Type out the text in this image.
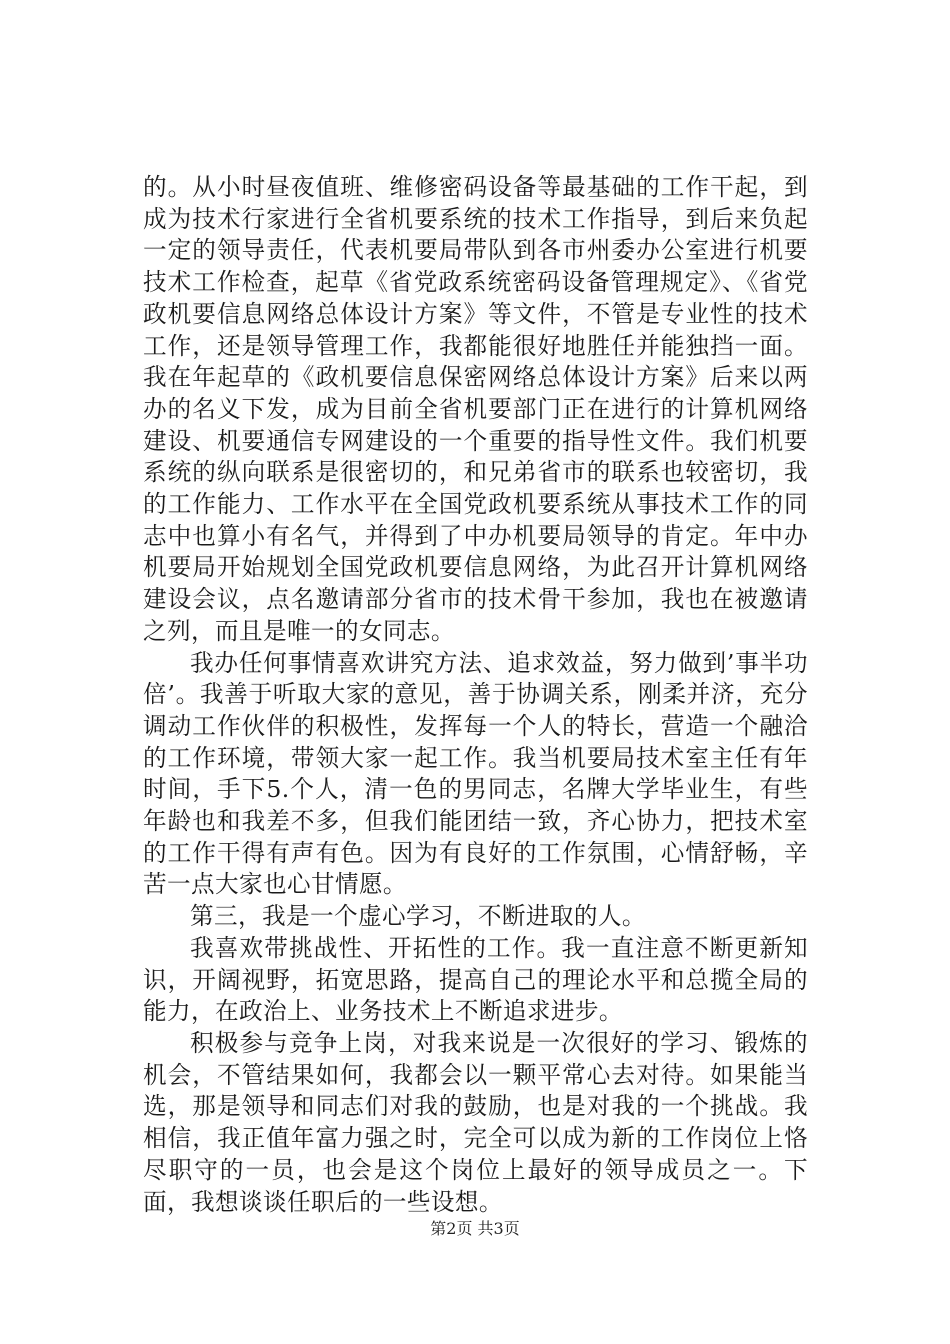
的。从小时昼夜值班、维修密码设备等最基础的工作干起，到成为技术行家进行全省机要系统的技术工作指导，到后来负起一定的领导责任，代表机要局带队到各市州委办公室进行机要技术工作检查，起草《省党政系统密码设备管理规定》、《省党政机要信息网络总体设计方案》等文件，不管是专业性的技术工作，还是领导管理工作，我都能很好地胜任并能独挡一面。我在年起草的《政机要信息保密网络总体设计方案》后来以两办的名义下发，成为目前全省机要部门正在进行的计算机网络建设、机要通信专网建设的一个重要的指导性文件。我们机要系统的纵向联系是很密切的，和兄弟省市的联系也较密切，我的工作能力、工作水平在全国党政机要系统从事技术工作的同志中也算小有名气，并得到了中办机要局领导的肯定。年中办机要局开始规划全国党政机要信息网络，为此召开计算机网络建设会议，点名邀请部分省市的技术骨干参加，我也在被邀请之列，而且是唯一的女同志。

我办任何事情喜欢讲究方法、追求效益，努力做到’事半功倍’。我善于听取大家的意见，善于协调关系，刚柔并济，充分调动工作伙伴的积极性，发挥每一个人的特长，营造一个融洽的工作环境，带领大家一起工作。我当机要局技术室主任有年时间，手下5.个人，清一色的男同志，名牌大学毕业生，有些年龄也和我差不多，但我们能团结一致，齐心协力，把技术室的工作干得有声有色。因为有良好的工作氛围，心情舒畅，辛苦一点大家也心甘情愿。

第三，我是一个虚心学习，不断进取的人。

我喜欢带挑战性、开拓性的工作。我一直注意不断更新知识，开阔视野，拓宽思路，提高自己的理论水平和总揽全局的能力，在政治上、业务技术上不断追求进步。

积极参与竞争上岗，对我来说是一次很好的学习、锻炼的机会，不管结果如何，我都会以一颗平常心去对待。如果能当选，那是领导和同志们对我的鼓励，也是对我的一个挑战。我相信，我正值年富力强之时，完全可以成为新的工作岗位上恪尽职守的一员，也会是这个岗位上最好的领导成员之一。下面，我想谈谈任职后的一些设想。

第2页 共3页
